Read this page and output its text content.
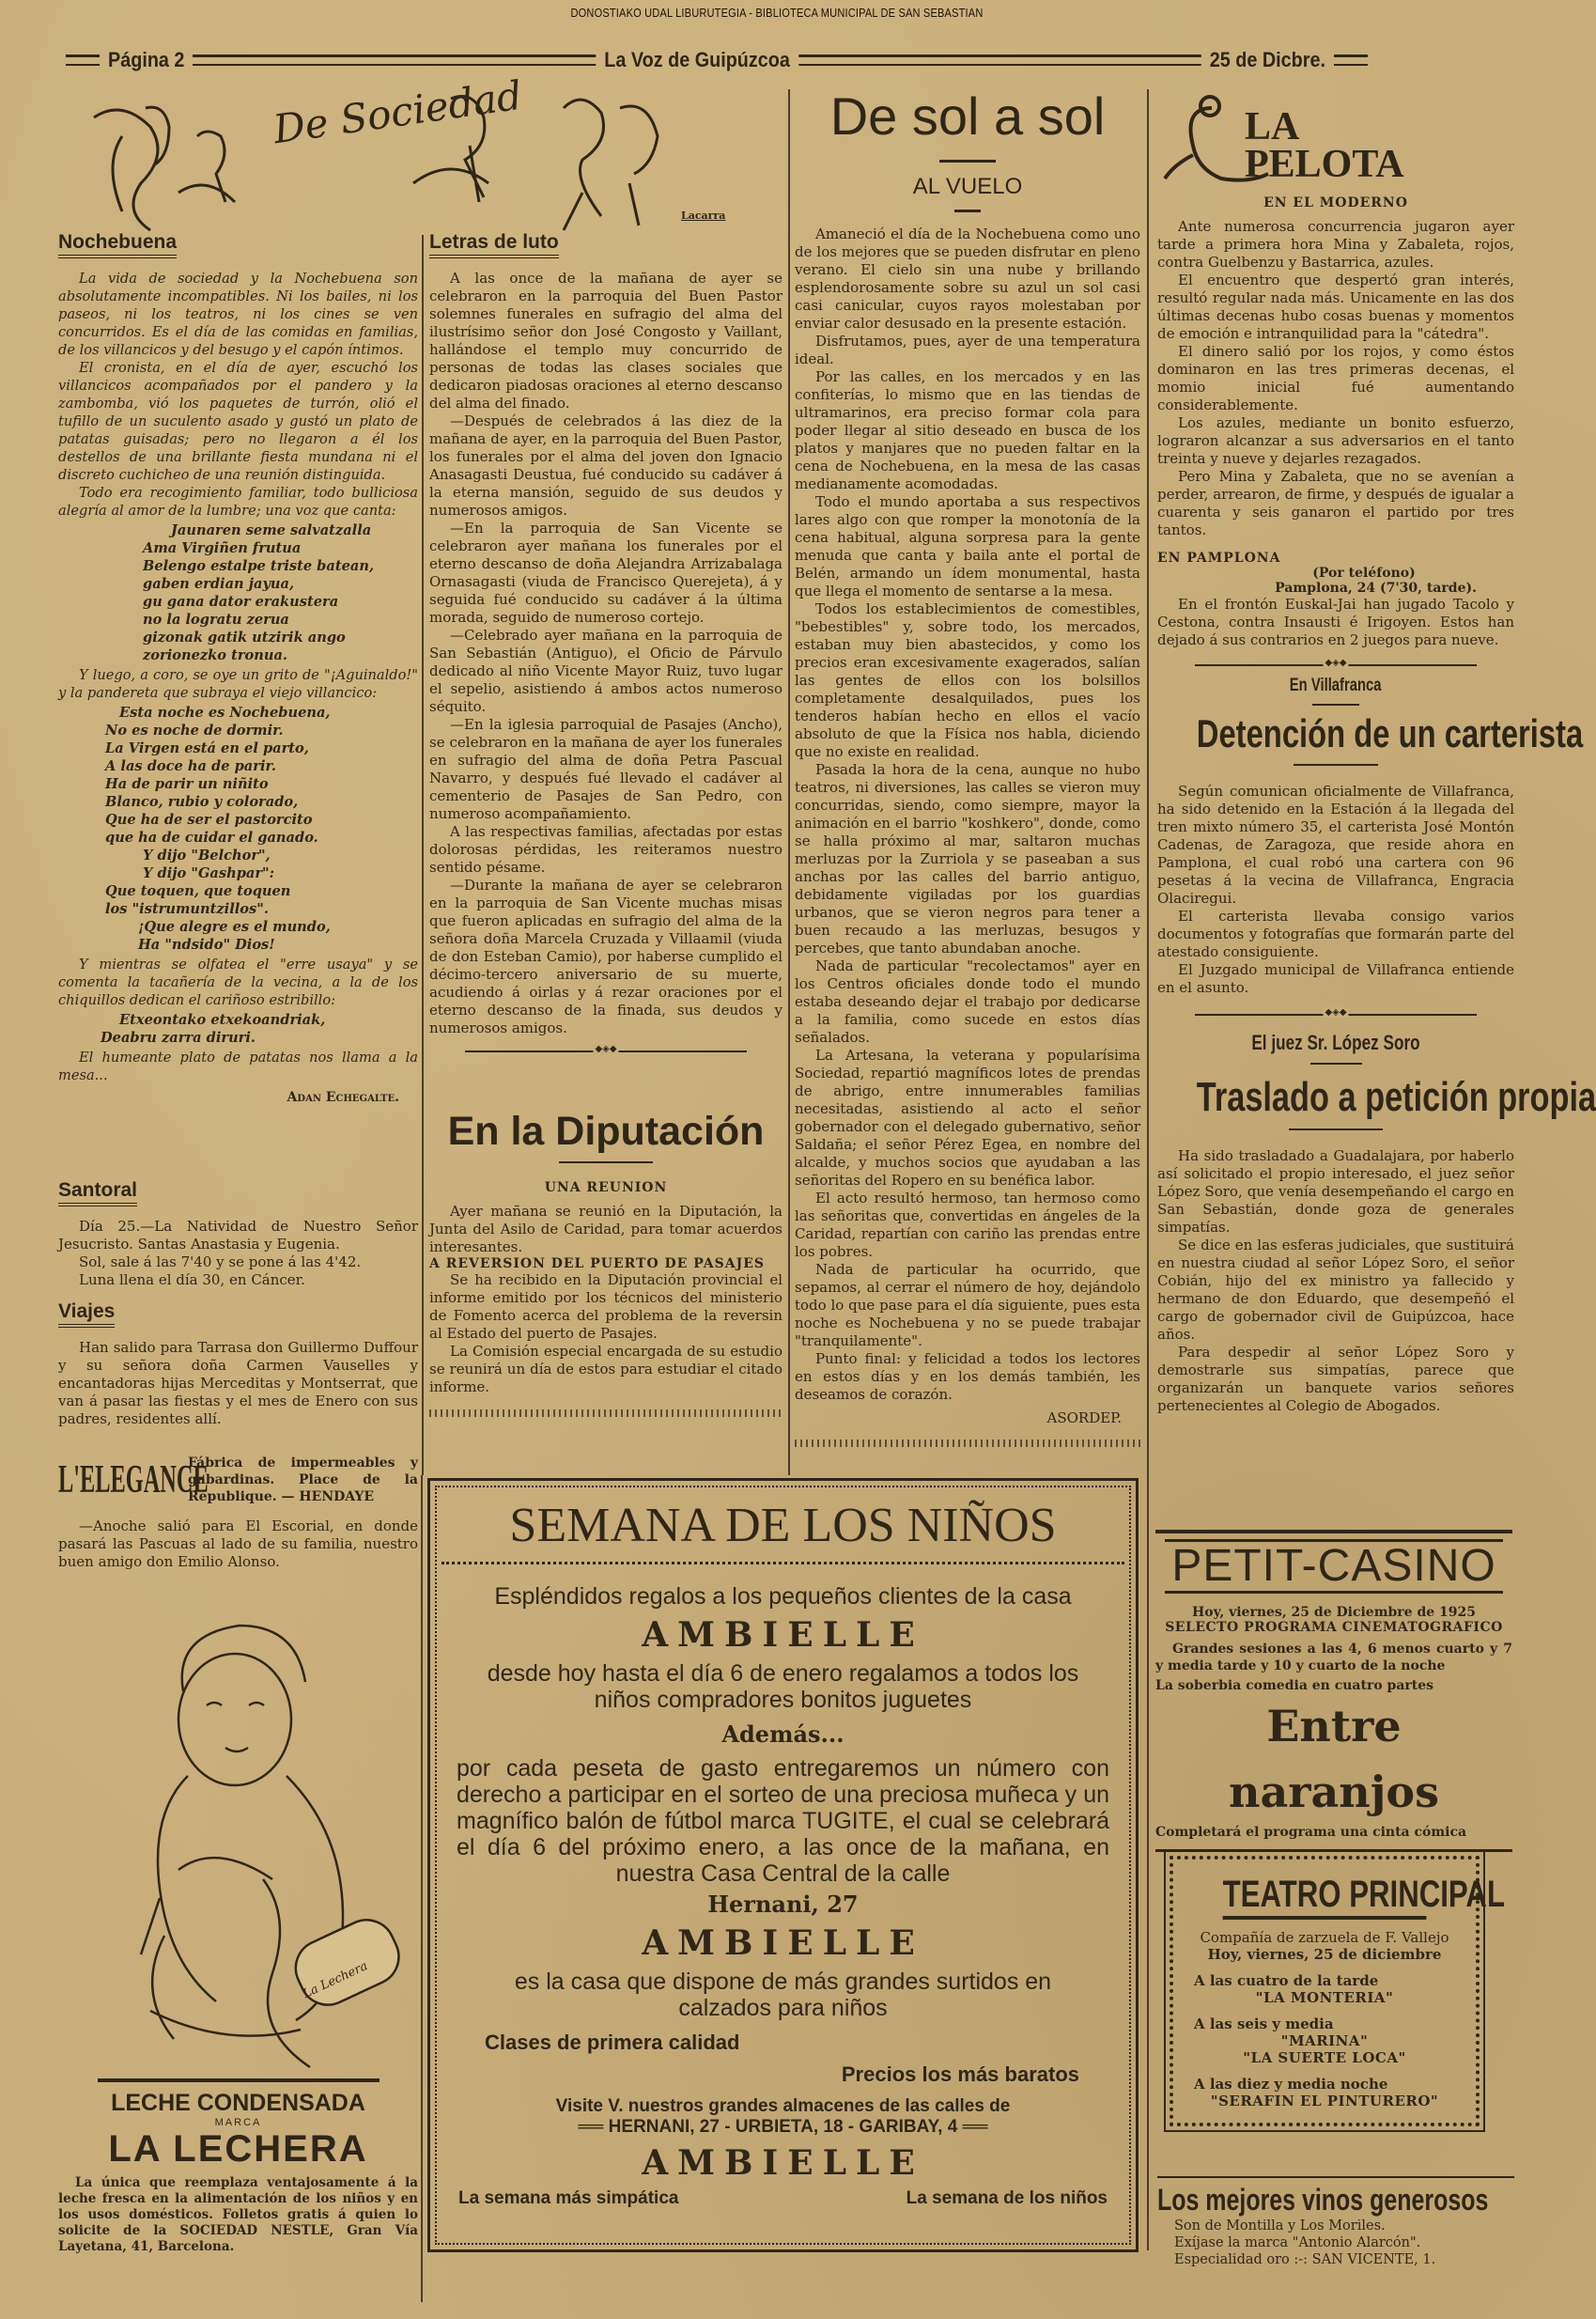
DONOSTIAKO UDAL LIBURUTEGIA - BIBLIOTECA MUNICIPAL DE SAN SEBASTIAN
Página 2	La Voz de Guipúzcoa	25 de Dicbre.
De Sociedad
Lacarra
Nochebuena

La vida de sociedad y la Nochebuena son absolutamente incompatibles. Ni los bailes, ni los paseos, ni los teatros, ni los cines se ven concurridos. Es el día de las comidas en familias, de los villancicos y del besugo y el capón íntimos.

El cronista, en el día de ayer, escuchó los villancicos acompañados por el pandero y la zambomba, vió los paquetes de turrón, olió el tufillo de un suculento asado y gustó un plato de patatas guisadas; pero no llegaron a él los destellos de una brillante fiesta mundana ni el discreto cuchicheo de una reunión distinguida.

Todo era recogimiento familiar, todo bulliciosa alegría al amor de la lumbre; una voz que canta:

Jaunaren seme salvatzalla
Ama Virgiñen frutua
Belengo estalpe triste batean,
gaben erdian jayua,
gu gana dator erakustera
no la logratu zerua
gizonak gatik utzirik ango
zorionezko tronua.

Y luego, a coro, se oye un grito de "¡Aguinaldo!" y la pandereta que subraya el viejo villancico:

Esta noche es Nochebuena,
No es noche de dormir.
La Virgen está en el parto,
A las doce ha de parir.
Ha de parir un niñito
Blanco, rubio y colorado,
Que ha de ser el pastorcito
que ha de cuidar el ganado.
Y dijo "Belchor",
Y dijo "Gashpar":
Que toquen, que toquen
los "istrumuntzillos".
¡Que alegre es el mundo,
Ha "ndsido" Dios!

Y mientras se olfatea el "erre usaya" y se comenta la tacañería de la vecina, a la de los chiquillos dedican el cariñoso estribillo:

Etxeontako etxekoandriak,
Deabru zarra diruri.

El humeante plato de patatas nos llama a la mesa...

Adan Echegalte.
Santoral

Día 25.—La Natividad de Nuestro Señor Jesucristo. Santas Anastasia y Eugenia.

Sol, sale á las 7'40 y se pone á las 4'42.

Luna llena el día 30, en Cáncer.

Viajes

Han salido para Tarrasa don Guillermo Duffour y su señora doña Carmen Vauselles y encantadoras hijas Merceditas y Montserrat, que van á pasar las fiestas y el mes de Enero con sus padres, residentes allí.

L'ELEGANCE
Fábrica de impermeables y gabardinas. Place de la Republique. — HENDAYE

—Anoche salió para El Escorial, en donde pasará las Pascuas al lado de su familia, nuestro buen amigo don Emilio Alonso.

La Lechera
LECHE CONDENSADA
MARCA
LA LECHERA
La única que reemplaza ventajosamente á la leche fresca en la alimentación de los niños y en los usos domésticos. Folletos gratis á quien lo solicite de la SOCIEDAD NESTLE, Gran Vía Layetana, 41, Barcelona.
Letras de luto

A las once de la mañana de ayer se celebraron en la parroquia del Buen Pastor solemnes funerales en sufragio del alma del ilustrísimo señor don José Congosto y Vaillant, hallándose el templo muy concurrido de personas de todas las clases sociales que dedicaron piadosas oraciones al eterno descanso del alma del finado.

—Después de celebrados á las diez de la mañana de ayer, en la parroquia del Buen Pastor, los funerales por el alma del joven don Ignacio Anasagasti Deustua, fué conducido su cadáver á la eterna mansión, seguido de sus deudos y numerosos amigos.

—En la parroquia de San Vicente se celebraron ayer mañana los funerales por el eterno descanso de doña Alejandra Arrizabalaga Ornasagasti (viuda de Francisco Querejeta), á y seguida fué conducido su cadáver á la última morada, seguido de numeroso cortejo.

—Celebrado ayer mañana en la parroquia de San Sebastián (Antiguo), el Oficio de Párvulo dedicado al niño Vicente Mayor Ruiz, tuvo lugar el sepelio, asistiendo á ambos actos numeroso séquito.

—En la iglesia parroquial de Pasajes (Ancho), se celebraron en la mañana de ayer los funerales en sufragio del alma de doña Petra Pascual Navarro, y después fué llevado el cadáver al cementerio de Pasajes de San Pedro, con numeroso acompañamiento.

A las respectivas familias, afectadas por estas dolorosas pérdidas, les reiteramos nuestro sentido pésame.

—Durante la mañana de ayer se celebraron en la parroquia de San Vicente muchas misas que fueron aplicadas en sufragio del alma de la señora doña Marcela Cruzada y Villaamil (viuda de don Esteban Camio), por haberse cumplido el décimo-tercero aniversario de su muerte, acudiendo á oirlas y á rezar oraciones por el eterno descanso de la finada, sus deudos y numerosos amigos.

◆◈◆
En la Diputación
UNA REUNION

Ayer mañana se reunió en la Diputación, la Junta del Asilo de Caridad, para tomar acuerdos interesantes.

A REVERSION DEL PUERTO DE PASAJES

Se ha recibido en la Diputación provincial el informe emitido por los técnicos del ministerio de Fomento acerca del problema de la reversin al Estado del puerto de Pasajes.

La Comisión especial encargada de su estudio se reunirá un día de estos para estudiar el citado informe.

De sol a sol
AL VUELO

Amaneció el día de la Nochebuena como uno de los mejores que se pueden disfrutar en pleno verano. El cielo sin una nube y brillando esplendorosamente sobre su azul un sol casi casi canicular, cuyos rayos molestaban por enviar calor desusado en la presente estación.

Disfrutamos, pues, ayer de una temperatura ideal.

Por las calles, en los mercados y en las confiterías, lo mismo que en las tiendas de ultramarinos, era preciso formar cola para poder llegar al sitio deseado en busca de los platos y manjares que no pueden faltar en la cena de Nochebuena, en la mesa de las casas medianamente acomodadas.

Todo el mundo aportaba a sus respectivos lares algo con que romper la monotonía de la cena habitual, alguna sorpresa para la gente menuda que canta y baila ante el portal de Belén, armando un ídem monumental, hasta que llega el momento de sentarse a la mesa.

Todos los establecimientos de comestibles, "bebestibles" y, sobre todo, los mercados, estaban muy bien abastecidos, y como los precios eran excesivamente exagerados, salían las gentes de ellos con los bolsillos completamente desalquilados, pues los tenderos habían hecho en ellos el vacío absoluto de que la Física nos habla, diciendo que no existe en realidad.

Pasada la hora de la cena, aunque no hubo teatros, ni diversiones, las calles se vieron muy concurridas, siendo, como siempre, mayor la animación en el barrio "koshkero", donde, como se halla próximo al mar, saltaron muchas merluzas por la Zurriola y se paseaban a sus anchas por las calles del barrio antiguo, debidamente vigiladas por los guardias urbanos, que se vieron negros para tener a buen recaudo a las merluzas, besugos y percebes, que tanto abundaban anoche.

Nada de particular "recolectamos" ayer en los Centros oficiales donde todo el mundo estaba deseando dejar el trabajo por dedicarse a la familia, como sucede en estos días señalados.

La Artesana, la veterana y popularísima Sociedad, repartió magníficos lotes de prendas de abrigo, entre innumerables familias necesitadas, asistiendo al acto el señor gobernador con el delegado gubernativo, señor Saldaña; el señor Pérez Egea, en nombre del alcalde, y muchos socios que ayudaban a las señoritas del Ropero en su benéfica labor.

El acto resultó hermoso, tan hermoso como las señoritas que, convertidas en ángeles de la Caridad, repartían con cariño las prendas entre los pobres.

Nada de particular ha ocurrido, que sepamos, al cerrar el número de hoy, dejándolo todo lo que pase para el día siguiente, pues esta noche es Nochebuena y no se puede trabajar "tranquilamente".

Punto final: y felicidad a todos los lectores en estos días y en los demás también, les deseamos de corazón.

ASORDEP.
LA PELOTA
EN EL MODERNO

Ante numerosa concurrencia jugaron ayer tarde a primera hora Mina y Zabaleta, rojos, contra Guelbenzu y Bastarrica, azules.

El encuentro que despertó gran interés, resultó regular nada más. Unicamente en las dos últimas decenas hubo cosas buenas y momentos de emoción e intranquilidad para la "cátedra".

El dinero salió por los rojos, y como éstos dominaron en las tres primeras decenas, el momio inicial fué aumentando considerablemente.

Los azules, mediante un bonito esfuerzo, lograron alcanzar a sus adversarios en el tanto treinta y nueve y dejarles rezagados.

Pero Mina y Zabaleta, que no se avenían a perder, arrearon, de firme, y después de igualar a cuarenta y seis ganaron el partido por tres tantos.

EN PAMPLONA
(Por teléfono)
Pamplona, 24 (7'30, tarde).

En el frontón Euskal-Jai han jugado Tacolo y Cestona, contra Insausti é Irigoyen. Estos han dejado á sus contrarios en 2 juegos para nueve.

◆◈◆
En Villafranca
Detención de un carterista

Según comunican oficialmente de Villafranca, ha sido detenido en la Estación á la llegada del tren mixto número 35, el carterista José Montón Cadenas, de Zaragoza, que reside ahora en Pamplona, el cual robó una cartera con 96 pesetas á la vecina de Villafranca, Engracia Olaciregui.

El carterista llevaba consigo varios documentos y fotografías que formarán parte del atestado consiguiente.

El Juzgado municipal de Villafranca entiende en el asunto.

◆◈◆
El juez Sr. López Soro
Traslado a petición propia

Ha sido trasladado a Guadalajara, por haberlo así solicitado el propio interesado, el juez señor López Soro, que venía desempeñando el cargo en San Sebastián, donde goza de generales simpatías.

Se dice en las esferas judiciales, que sustituirá en nuestra ciudad al señor López Soro, el señor Cobián, hijo del ex ministro ya fallecido y hermano de don Eduardo, que desempeñó el cargo de gobernador civil de Guipúzcoa, hace años.

Para despedir al señor López Soro y demostrarle sus simpatías, parece que organizarán un banquete varios señores pertenecientes al Colegio de Abogados.

PETIT-CASINO
Hoy, viernes, 25 de Diciembre de 1925
SELECTO PROGRAMA CINEMATOGRAFICO
Grandes sesiones a las 4, 6 menos cuarto y 7 y media tarde y 10 y cuarto de la noche
La soberbia comedia en cuatro partes
Entre naranjos
Completará el programa una cinta cómica
TEATRO PRINCIPAL
Compañía de zarzuela de F. Vallejo
Hoy, viernes, 25 de diciembre
A las cuatro de la tarde
"LA MONTERIA"
A las seis y media
"MARINA"
"LA SUERTE LOCA"
A las diez y media noche
"SERAFIN EL PINTURERO"
Los mejores vinos generosos
Son de Montilla y Los Moriles.
Exíjase la marca "Antonio Alarcón".
Especialidad oro :-: SAN VICENTE, 1.
SEMANA DE LOS NIÑOS
Espléndidos regalos a los pequeños clientes de la casa
AMBIELLE
desde hoy hasta el día 6 de enero regalamos a todos los niños compradores bonitos juguetes
Además...
por cada peseta de gasto entregaremos un número con derecho a participar en el sorteo de una preciosa muñeca y un magnífico balón de fútbol marca TUGITE, el cual se celebrará el día 6 del próximo enero, a las once de la mañana, en nuestra Casa Central de la calle
Hernani, 27
AMBIELLE
es la casa que dispone de más grandes surtidos en calzados para niños
Clases de primera calidad
Precios los más baratos
Visite V. nuestros grandes almacenes de las calles de
══ HERNANI, 27 - URBIETA, 18 - GARIBAY, 4 ══
AMBIELLE
La semana más simpática	La semana de los niños
